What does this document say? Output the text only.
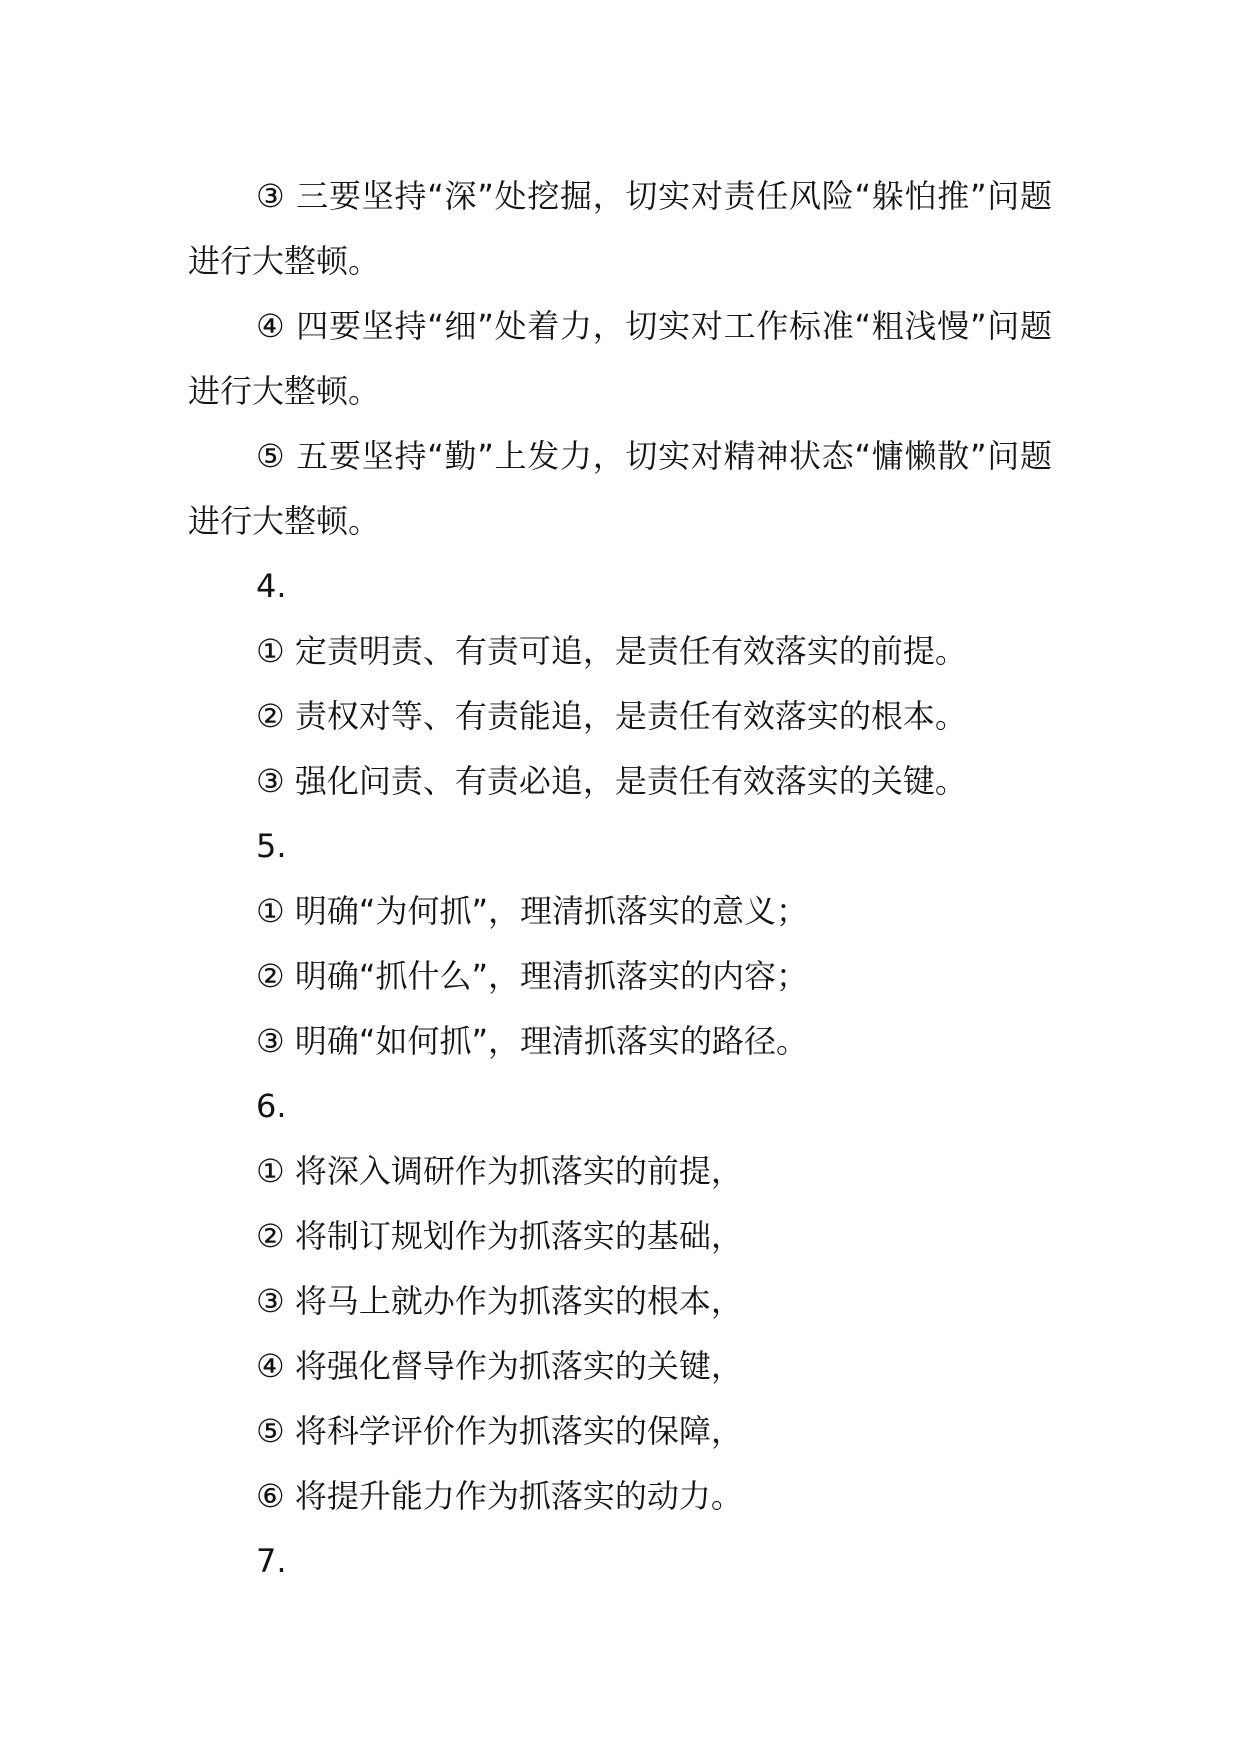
③ 三要坚持“深”处挖掘，切实对责任风险“躲怕推”问题进行大整顿。

④ 四要坚持“细”处着力，切实对工作标准“粗浅慢”问题进行大整顿。

⑤ 五要坚持“勤”上发力，切实对精神状态“慵懒散”问题进行大整顿。

4.

① 定责明责、有责可追，是责任有效落实的前提。

② 责权对等、有责能追，是责任有效落实的根本。

③ 强化问责、有责必追，是责任有效落实的关键。

5.

① 明确“为何抓”，理清抓落实的意义；

② 明确“抓什么”，理清抓落实的内容；

③ 明确“如何抓”，理清抓落实的路径。

6.

① 将深入调研作为抓落实的前提，

② 将制订规划作为抓落实的基础，

③ 将马上就办作为抓落实的根本，

④ 将强化督导作为抓落实的关键，

⑤ 将科学评价作为抓落实的保障，

⑥ 将提升能力作为抓落实的动力。

7.
